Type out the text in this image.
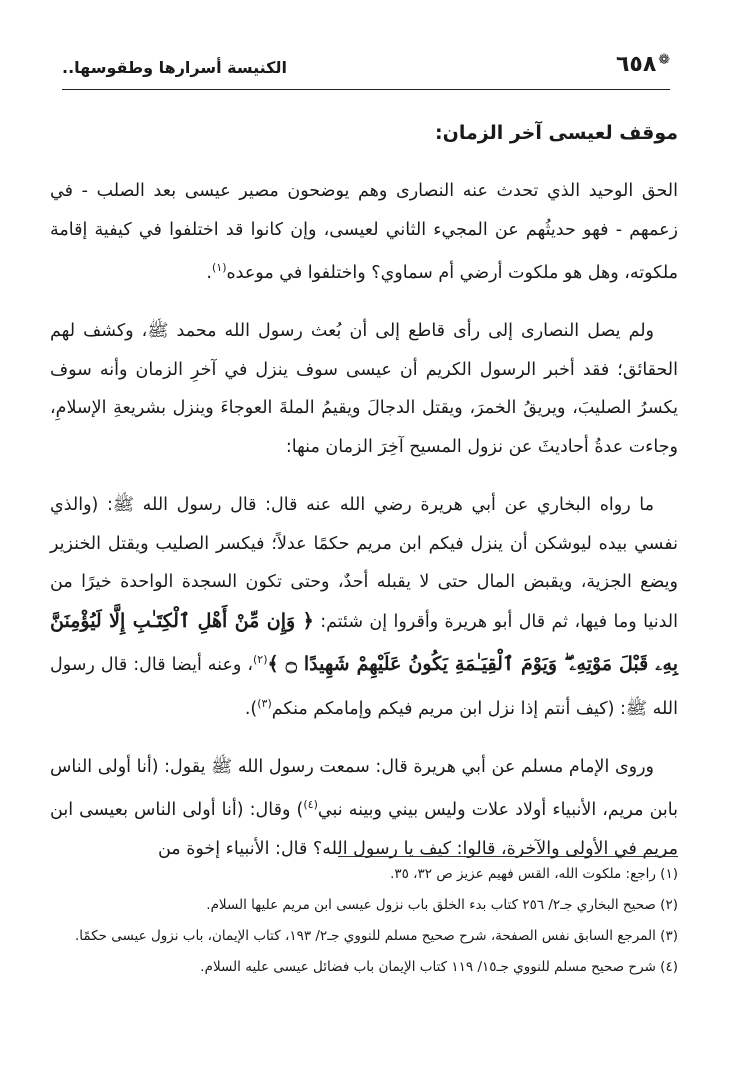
❁٦٥٨
الكنيسة أسرارها وطقوسها..
موقف لعيسى آخر الزمان:

الحق الوحيد الذي تحدث عنه النصارى وهم يوضحون مصير عيسى بعد الصلب - في زعمهم - فهو حديثُهم عن المجيء الثاني لعيسى، وإن كانوا قد اختلفوا في كيفية إقامة ملكوته، وهل هو ملكوت أرضي أم سماوي؟ واختلفوا في موعده$^{(١)}$.

ولم يصل النصارى إلى رأى قاطع إلى أن بُعث رسول الله محمد ﷺ، وكشف لهم الحقائق؛ فقد أخبر الرسول الكريم أن عيسى سوف ينزل في آخرِ الزمان وأنه سوف يكسرُ الصليبَ، ويريقُ الخمرَ، ويقتل الدجالَ ويقيمُ الملةَ العوجاءَ وينزل بشريعةِ الإسلامِ، وجاءت عدةُ أحاديثَ عن نزول المسيح آخِرَ الزمان منها:

ما رواه البخاري عن أبي هريرة رضي الله عنه قال: قال رسول الله ﷺ: (والذي نفسي بيده ليوشكن أن ينزل فيكم ابن مريم حكمًا عدلاً؛ فيكسر الصليب ويقتل الخنزير ويضع الجزية، ويقبض المال حتى لا يقبله أحدٌ، وحتى تكون السجدة الواحدة خيرًا من الدنيا وما فيها، ثم قال أبو هريرة وأقروا إن شئتم: ﴿ وَإِن مِّنْ أَهْلِ ٱلْكِتَـٰبِ إِلَّا لَيُؤْمِنَنَّ بِهِۦ قَبْلَ مَوْتِهِۦ ۖ وَيَوْمَ ٱلْقِيَـٰمَةِ يَكُونُ عَلَيْهِمْ شَهِيدًا ۝ ﴾$^{(٢)}$، وعنه أيضا قال: قال رسول الله ﷺ: (كيف أنتم إذا نزل ابن مريم فيكم وإمامكم منكم$^{(٣)}$).

وروى الإمام مسلم عن أبي هريرة قال: سمعت رسول الله ﷺ يقول: (أنا أولى الناس بابن مريم، الأنبياء أولاد علات وليس بيني وبينه نبي$^{(٤)}$) وقال: (أنا أولى الناس بعيسى ابن مريم في الأولى والآخرة، قالوا: كيف يا رسول الله؟ قال: الأنبياء إخوة من

(١) راجع: ملكوت الله، القس فهيم عزيز ص ٣٢، ٣٥.
(٢) صحيح البخاري جـ٢/ ٢٥٦ كتاب بدء الخلق باب نزول عيسى ابن مريم عليها السلام.
(٣) المرجع السابق نفس الصفحة، شرح صحيح مسلم للنووي جـ٢/ ١٩٣، كتاب الإيمان، باب نزول عيسى حكمًا.
(٤) شرح صحيح مسلم للنووي جـ١٥/ ١١٩ كتاب الإيمان باب فضائل عيسى عليه السلام.
